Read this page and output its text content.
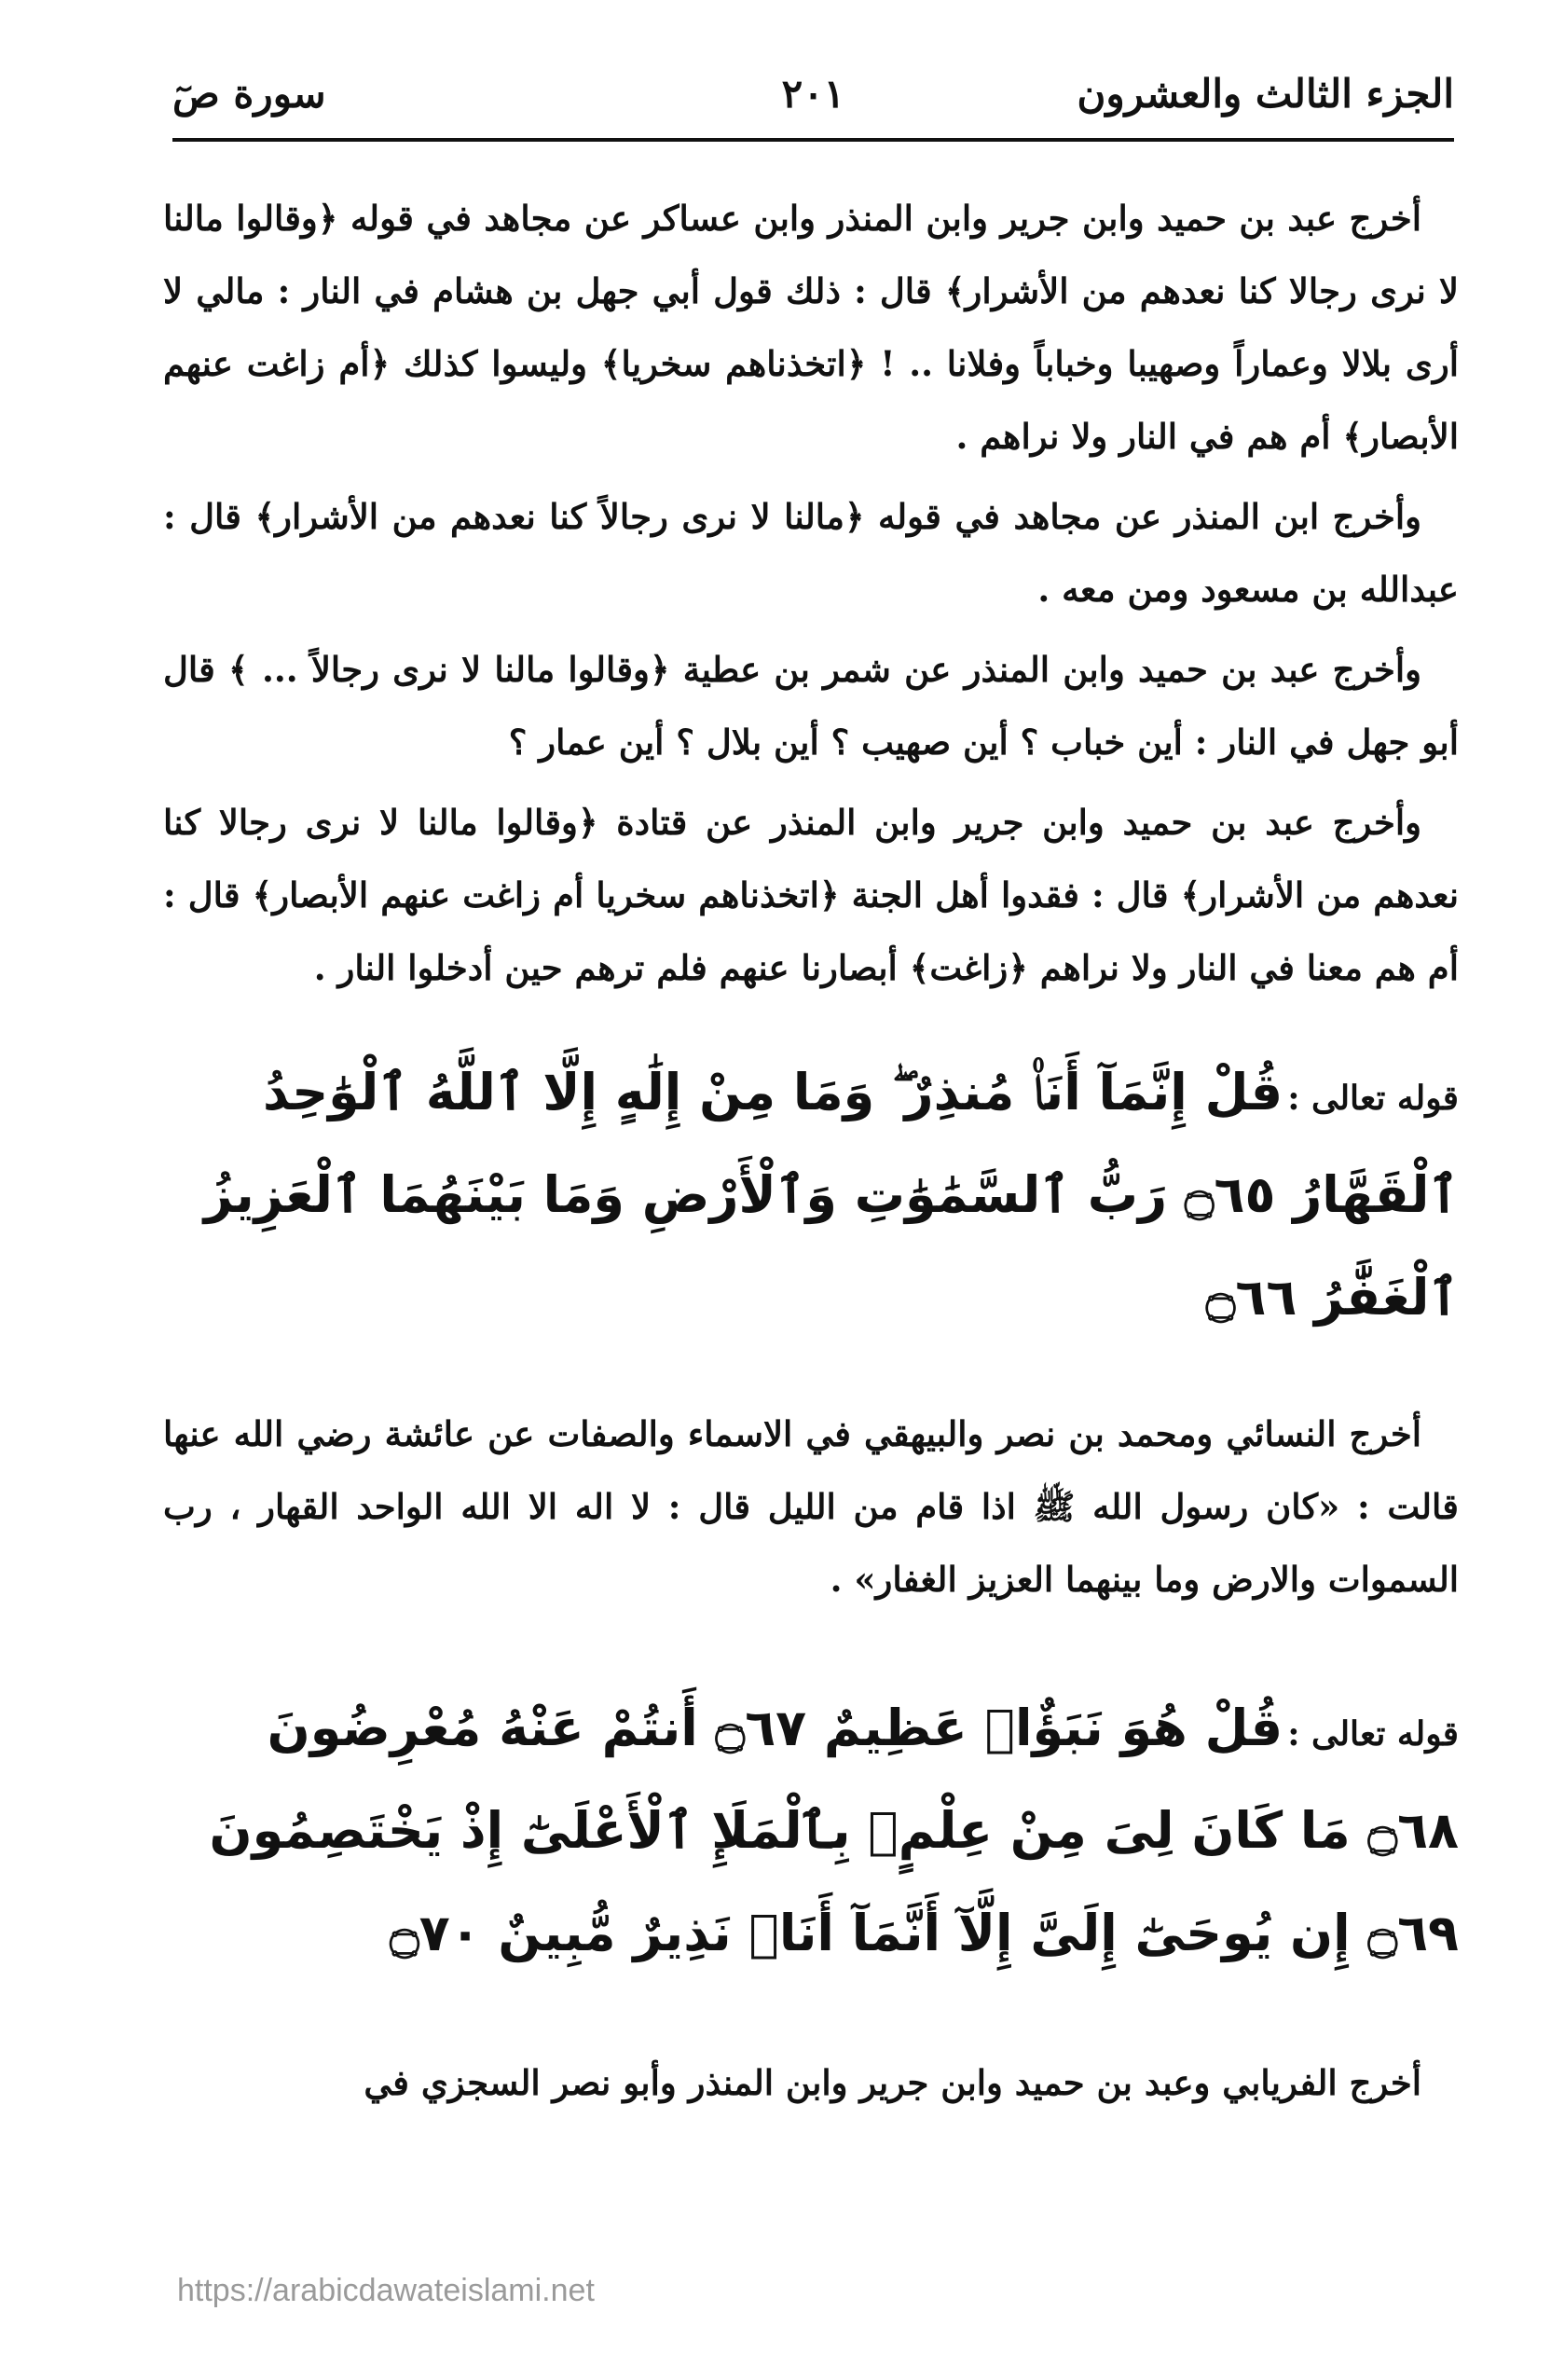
الجزء الثالث والعشرون
٢٠١
سورة صٓ

أخرج عبد بن حميد وابن جرير وابن المنذر وابن عساكر عن مجاهد في قوله ﴿وقالوا مالنا لا نرى رجالا كنا نعدهم من الأشرار﴾ قال : ذلك قول أبي جهل بن هشام في النار : مالي لا أرى بلالا وعماراً وصهيبا وخباباً وفلانا .. ! ﴿اتخذناهم سخريا﴾ وليسوا كذلك ﴿أم زاغت عنهم الأبصار﴾ أم هم في النار ولا نراهم .

وأخرج ابن المنذر عن مجاهد في قوله ﴿مالنا لا نرى رجالاً كنا نعدهم من الأشرار﴾ قال : عبدالله بن مسعود ومن معه .

وأخرج عبد بن حميد وابن المنذر عن شمر بن عطية ﴿وقالوا مالنا لا نرى رجالاً ... ﴾ قال أبو جهل في النار : أين خباب ؟ أين صهيب ؟ أين بلال ؟ أين عمار ؟

وأخرج عبد بن حميد وابن جرير وابن المنذر عن قتادة ﴿وقالوا مالنا لا نرى رجالا كنا نعدهم من الأشرار﴾ قال : فقدوا أهل الجنة ﴿اتخذناهم سخريا أم زاغت عنهم الأبصار﴾ قال : أم هم معنا في النار ولا نراهم ﴿زاغت﴾ أبصارنا عنهم فلم ترهم حين أدخلوا النار .

قوله تعالى : قُلْ إِنَّمَآ أَنَا۠ مُنذِرٌ ۖ وَمَا مِنْ إِلَٰهٍ إِلَّا ٱللَّهُ ٱلْوَٰحِدُ ٱلْقَهَّارُ ۝٦٥ رَبُّ ٱلسَّمَٰوَٰتِ وَٱلْأَرْضِ وَمَا بَيْنَهُمَا ٱلْعَزِيزُ ٱلْغَفَّٰرُ ۝٦٦

أخرج النسائي ومحمد بن نصر والبيهقي في الاسماء والصفات عن عائشة رضي الله عنها قالت : «كان رسول الله ﷺ اذا قام من الليل قال : لا اله الا الله الواحد القهار ، رب السموات والارض وما بينهما العزيز الغفار» .

قوله تعالى : قُلْ هُوَ نَبَؤٌا۟ عَظِيمٌ ۝٦٧ أَنتُمْ عَنْهُ مُعْرِضُونَ ۝٦٨ مَا كَانَ لِىَ مِنْ عِلْمٍۭ بِٱلْمَلَإِ ٱلْأَعْلَىٰٓ إِذْ يَخْتَصِمُونَ ۝٦٩ إِن يُوحَىٰٓ إِلَىَّ إِلَّآ أَنَّمَآ أَنَا۠ نَذِيرٌ مُّبِينٌ ۝٧٠

أخرج الفريابي وعبد بن حميد وابن جرير وابن المنذر وأبو نصر السجزي في

https://arabicdawateislami.net
